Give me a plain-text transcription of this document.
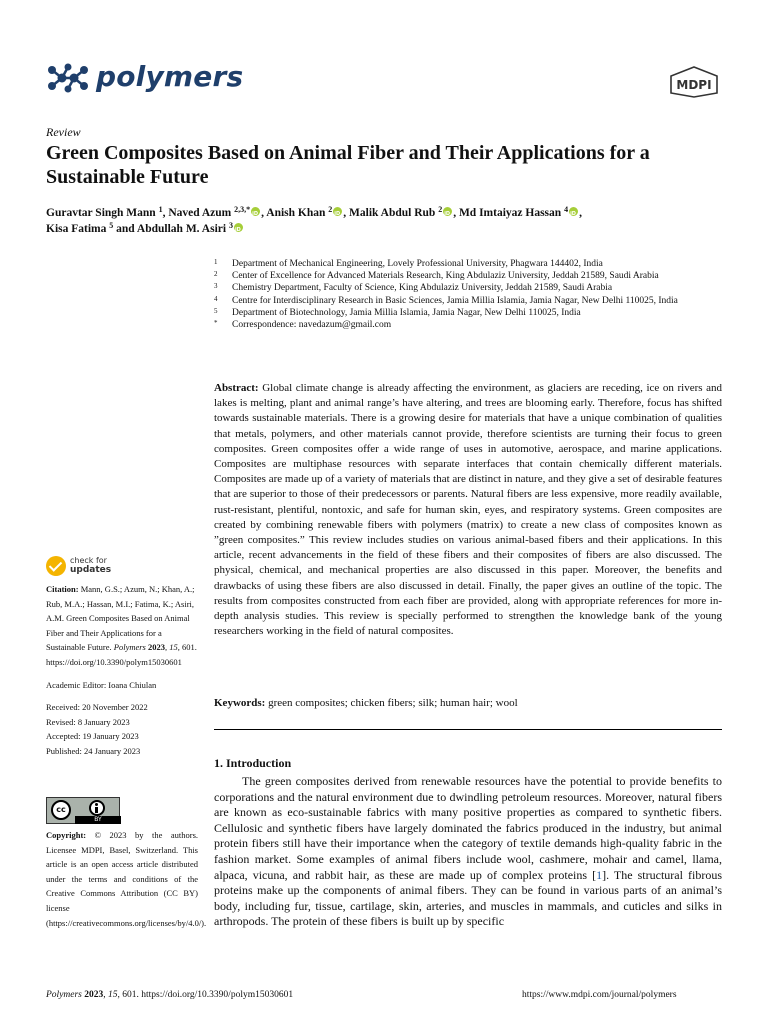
polymers	MDPI
Review
Green Composites Based on Animal Fiber and Their Applications for a Sustainable Future
Guravtar Singh Mann $^1$, Naved Azum $^{2,3,*}$ iD , Anish Khan $^2$ iD , Malik Abdul Rub $^2$ iD , Md Imtaiyaz Hassan $^4$ iD ,
Kisa Fatima $^5$ and Abdullah M. Asiri $^3$iD
1 Department of Mechanical Engineering, Lovely Professional University, Phagwara 144402, India
2 Center of Excellence for Advanced Materials Research, King Abdulaziz University, Jeddah 21589, Saudi Arabia
3 Chemistry Department, Faculty of Science, King Abdulaziz University, Jeddah 21589, Saudi Arabia
4 Centre for Interdisciplinary Research in Basic Sciences, Jamia Millia Islamia, Jamia Nagar, New Delhi 110025, India
5 Department of Biotechnology, Jamia Millia Islamia, Jamia Nagar, New Delhi 110025, India
* Correspondence: navedazum@gmail.com
Abstract: Global climate change is already affecting the environment, as glaciers are receding, ice on rivers and lakes is melting, plant and animal range’s have altering, and trees are blooming early. Therefore, focus has shifted towards sustainable materials. There is a growing desire for materials that have a unique combination of qualities that metals, polymers, and other materials cannot provide, therefore scientists are turning their focus to green composites. Green composites offer a wide range of uses in automotive, aerospace, and marine applications. Composites are multiphase resources with separate interfaces that contain chemically different materials. Composites are made up of a variety of materials that are distinct in nature, and they give a set of desirable features that are superior to those of their predecessors or parents. Natural fibers are less expensive, more readily available, rust-resistant, plentiful, nontoxic, and safe for human skin, eyes, and respiratory systems. Green composites are created by combining renewable fibers with polymers (matrix) to create a new class of composites known as ”green composites.” This review includes studies on various animal-based fibers and their applications. In this article, recent advancements in the field of these fibers and their composites of fibers are also discussed. The physical, chemical, and mechanical properties are also discussed in this paper. Moreover, the benefits and drawbacks of using these fibers are also discussed in detail. Finally, the paper gives an outline of the topic. The results from composites constructed from each fiber are provided, along with appropriate references for more in-depth analysis studies. This review is specially performed to strengthen the knowledge bank of the young researchers working in the field of natural composites.
Keywords: green composites; chicken fibers; silk; human hair; wool
1. Introduction
The green composites derived from renewable resources have the potential to provide benefits to corporations and the natural environment due to dwindling petroleum resources. Moreover, natural fibers are known as eco-sustainable fabrics with many positive properties as compared to synthetic fibers. Cellulosic and synthetic fibers have largely dominated the fabrics produced in the industry, but animal protein fibers still have their importance when the category of textile demands high-quality fabric in the fashion market. Some examples of animal fibers include wool, cashmere, mohair and camel, llama, alpaca, vicuna, and rabbit hair, as these are made up of complex proteins [1]. The structural fibrous proteins make up the components of animal fibers. They can be found in various parts of an animal’s body, including fur, tissue, cartilage, skin, arteries, and muscles in mammals, and cuticles and silks in arthropods. The protein of these fibers is built up by specific
check for
updates
Citation: Mann, G.S.; Azum, N.; Khan, A.; Rub, M.A.; Hassan, M.I.; Fatima, K.; Asiri, A.M. Green Composites Based on Animal Fiber and Their Applications for a Sustainable Future. Polymers 2023, 15, 601. https://doi.org/10.3390/polym15030601
Academic Editor: Ioana Chiulan
Received: 20 November 2022
Revised: 8 January 2023
Accepted: 19 January 2023
Published: 24 January 2023
cc
BY
Copyright: © 2023 by the authors. Licensee MDPI, Basel, Switzerland. This article is an open access article distributed under the terms and conditions of the Creative Commons Attribution (CC BY) license (https://creativecommons.org/licenses/by/4.0/).
Polymers 2023, 15, 601. https://doi.org/10.3390/polym15030601	https://www.mdpi.com/journal/polymers
